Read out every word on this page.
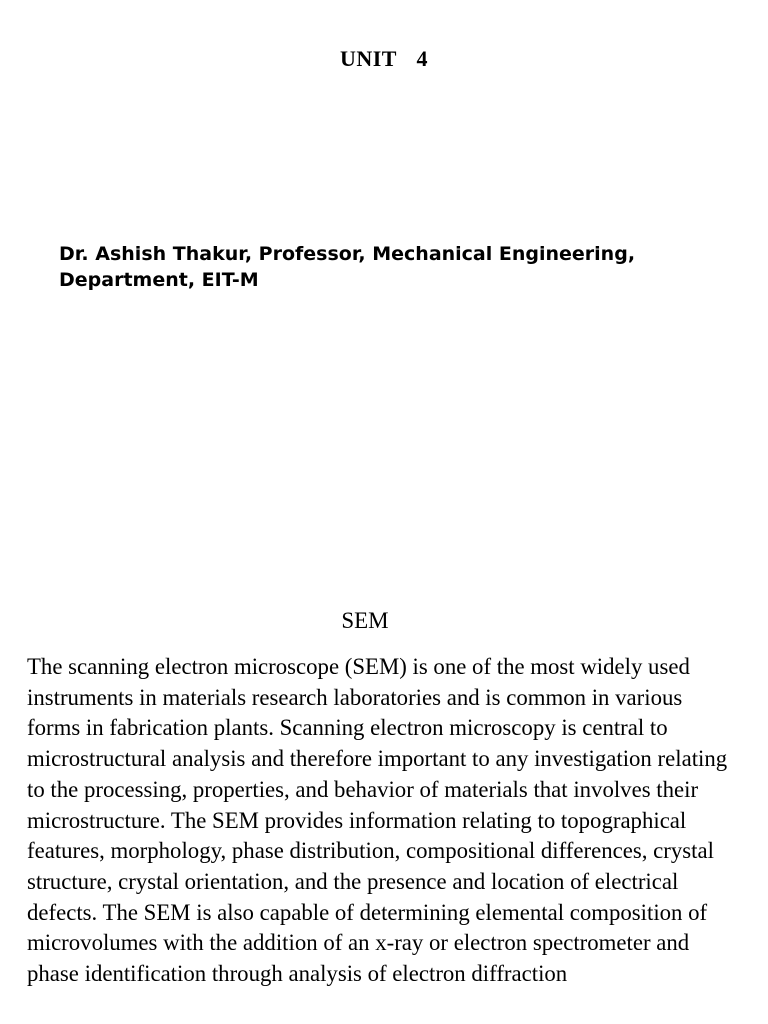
UNIT  4

Dr. Ashish Thakur, Professor, Mechanical Engineering, Department, EIT-M

SEM

The scanning electron microscope (SEM) is one of the most widely used instruments in materials research laboratories and is common in various forms in fabrication plants. Scanning electron microscopy is central to microstructural analysis and therefore important to any investigation relating to the processing, properties, and behavior of materials that involves their microstructure. The SEM provides information relating to topographical features, morphology, phase distribution, compositional differences, crystal structure, crystal orientation, and the presence and location of electrical defects. The SEM is also capable of determining elemental composition of microvolumes with the addition of an x-ray or electron spectrometer and phase identification through analysis of electron diffraction
